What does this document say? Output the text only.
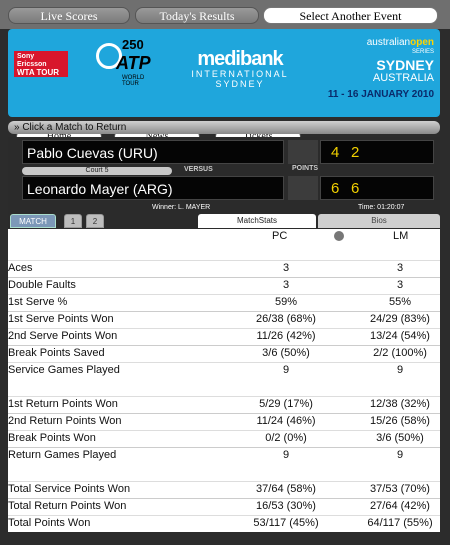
Live Scores	Today's Results	Select Another Event
Sony Ericsson
WTA TOUR
250
ATP
WORLD TOUR
medibank
INTERNATIONAL
SYDNEY
australianopen
SERIES
SYDNEY
AUSTRALIA
11 - 16 JANUARY 2010
» Click a Match to Return
Pablo Cuevas (URU)	4 2
Court 5	VERSUS	POINTS
Leonardo Mayer (ARG)	6 6
Winner: L. MAYER	Time: 01:20:07
MATCH	1	2	MatchStats	Bios
PC	LM
STATISTICS ON SERVICE
Aces	3	3
Double Faults	3	3
1st Serve %	59%	55%
1st Serve Points Won	26/38 (68%)	24/29 (83%)
2nd Serve Points Won	11/26 (42%)	13/24 (54%)
Break Points Saved	3/6 (50%)	2/2 (100%)
Service Games Played	9	9
STATISTICS ON RETURN
1st Return Points Won	5/29 (17%)	12/38 (32%)
2nd Return Points Won	11/24 (46%)	15/26 (58%)
Break Points Won	0/2 (0%)	3/6 (50%)
Return Games Played	9	9
STATISTICS ON POINTS
Total Service Points Won	37/64 (58%)	37/53 (70%)
Total Return Points Won	16/53 (30%)	27/64 (42%)
Total Points Won	53/117 (45%)	64/117 (55%)
